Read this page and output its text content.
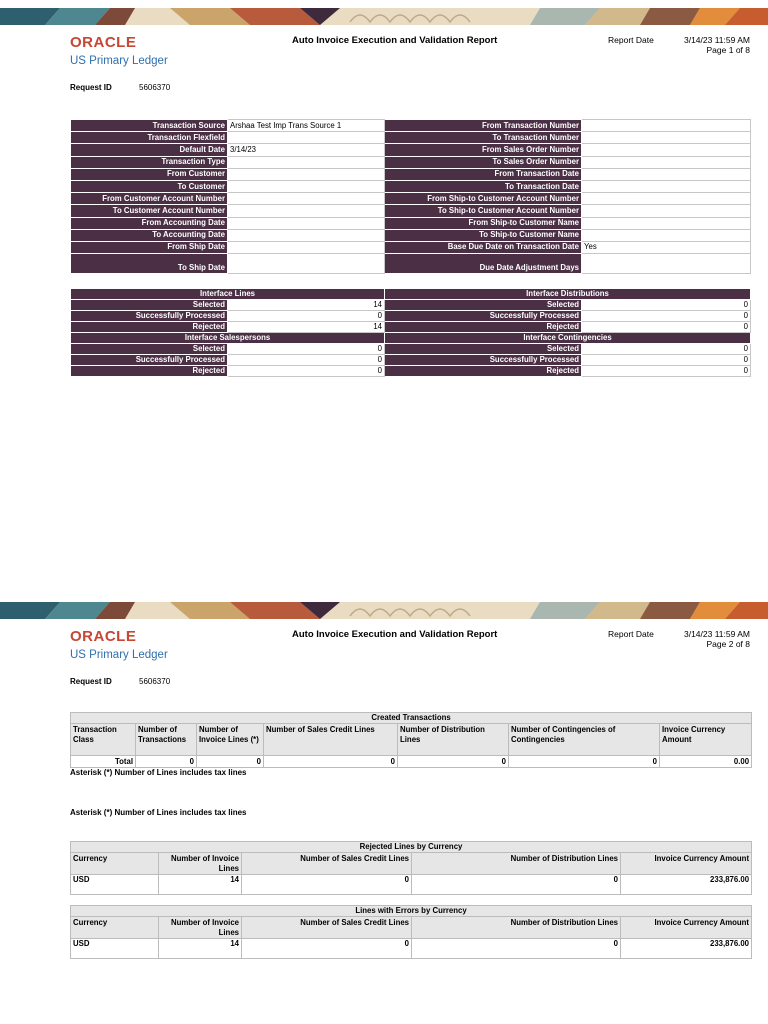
ORACLE
US Primary Ledger
Auto Invoice Execution and Validation Report	Report Date	3/14/23 11:59 AM
Page 1 of 8
Request ID	5606370
Transaction Source	Arshaa Test Imp Trans Source 1	From Transaction Number	
Transaction Flexfield		To Transaction Number	
Default Date	3/14/23	From Sales Order Number	
Transaction Type		To Sales Order Number	
From Customer		From Transaction Date	
To Customer		To Transaction Date	
From Customer Account Number		From Ship-to Customer Account Number	
To Customer Account Number		To Ship-to Customer Account Number	
From Accounting Date		From Ship-to Customer Name	
To Accounting Date		To Ship-to Customer Name	
From Ship Date		Base Due Date on Transaction Date	Yes
To Ship Date		Due Date Adjustment Days	
Interface Lines		Interface Distributions	
Selected	14	Selected	0
Successfully Processed	0	Successfully Processed	0
Rejected	14	Rejected	0
Interface Salespersons		Interface Contingencies	
Selected	0	Selected	0
Successfully Processed	0	Successfully Processed	0
Rejected	0	Rejected	0
ORACLE
US Primary Ledger
Auto Invoice Execution and Validation Report	Report Date	3/14/23 11:59 AM
Page 2 of 8
Request ID	5606370
Created Transactions						
Transaction Class	Number of Transactions	Number of Invoice Lines (*)	Number of Sales Credit Lines	Number of Distribution Lines	Number of Contingencies of Contingencies	Invoice Currency Amount
Total	0	0	0	0	0	0.00
Asterisk (*) Number of Lines includes tax lines
Asterisk (*) Number of Lines includes tax lines
Rejected Lines by Currency				
Currency	Number of Invoice Lines	Number of Sales Credit Lines	Number of Distribution Lines	Invoice Currency Amount
USD	14	0	0	233,876.00
Lines with Errors by Currency				
Currency	Number of Invoice Lines	Number of Sales Credit Lines	Number of Distribution Lines	Invoice Currency Amount
USD	14	0	0	233,876.00
